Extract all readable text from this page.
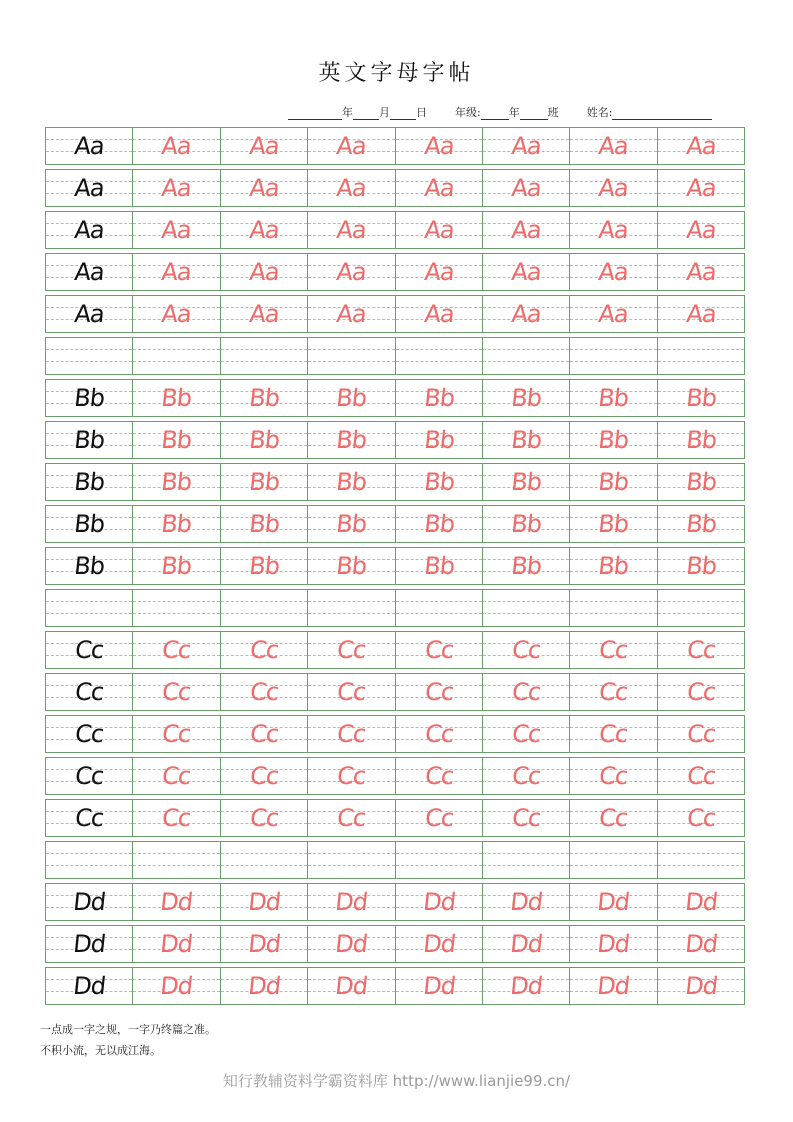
英文字母字帖
年 月 日	年级:	年	班	姓名:
Aa	Aa	Aa	Aa	Aa	Aa	Aa	Aa
Aa	Aa	Aa	Aa	Aa	Aa	Aa	Aa
Aa	Aa	Aa	Aa	Aa	Aa	Aa	Aa
Aa	Aa	Aa	Aa	Aa	Aa	Aa	Aa
Aa	Aa	Aa	Aa	Aa	Aa	Aa	Aa
Bb	Bb	Bb	Bb	Bb	Bb	Bb	Bb
Bb	Bb	Bb	Bb	Bb	Bb	Bb	Bb
Bb	Bb	Bb	Bb	Bb	Bb	Bb	Bb
Bb	Bb	Bb	Bb	Bb	Bb	Bb	Bb
Bb	Bb	Bb	Bb	Bb	Bb	Bb	Bb
Cc	Cc	Cc	Cc	Cc	Cc	Cc	Cc
Cc	Cc	Cc	Cc	Cc	Cc	Cc	Cc
Cc	Cc	Cc	Cc	Cc	Cc	Cc	Cc
Cc	Cc	Cc	Cc	Cc	Cc	Cc	Cc
Cc	Cc	Cc	Cc	Cc	Cc	Cc	Cc
Dd	Dd	Dd	Dd	Dd	Dd	Dd	Dd
Dd	Dd	Dd	Dd	Dd	Dd	Dd	Dd
Dd	Dd	Dd	Dd	Dd	Dd	Dd	Dd
一点成一字之规，一字乃终篇之准。
不积小流，无以成江海。
知行教辅资料学霸资料库 http://www.lianjie99.cn/
